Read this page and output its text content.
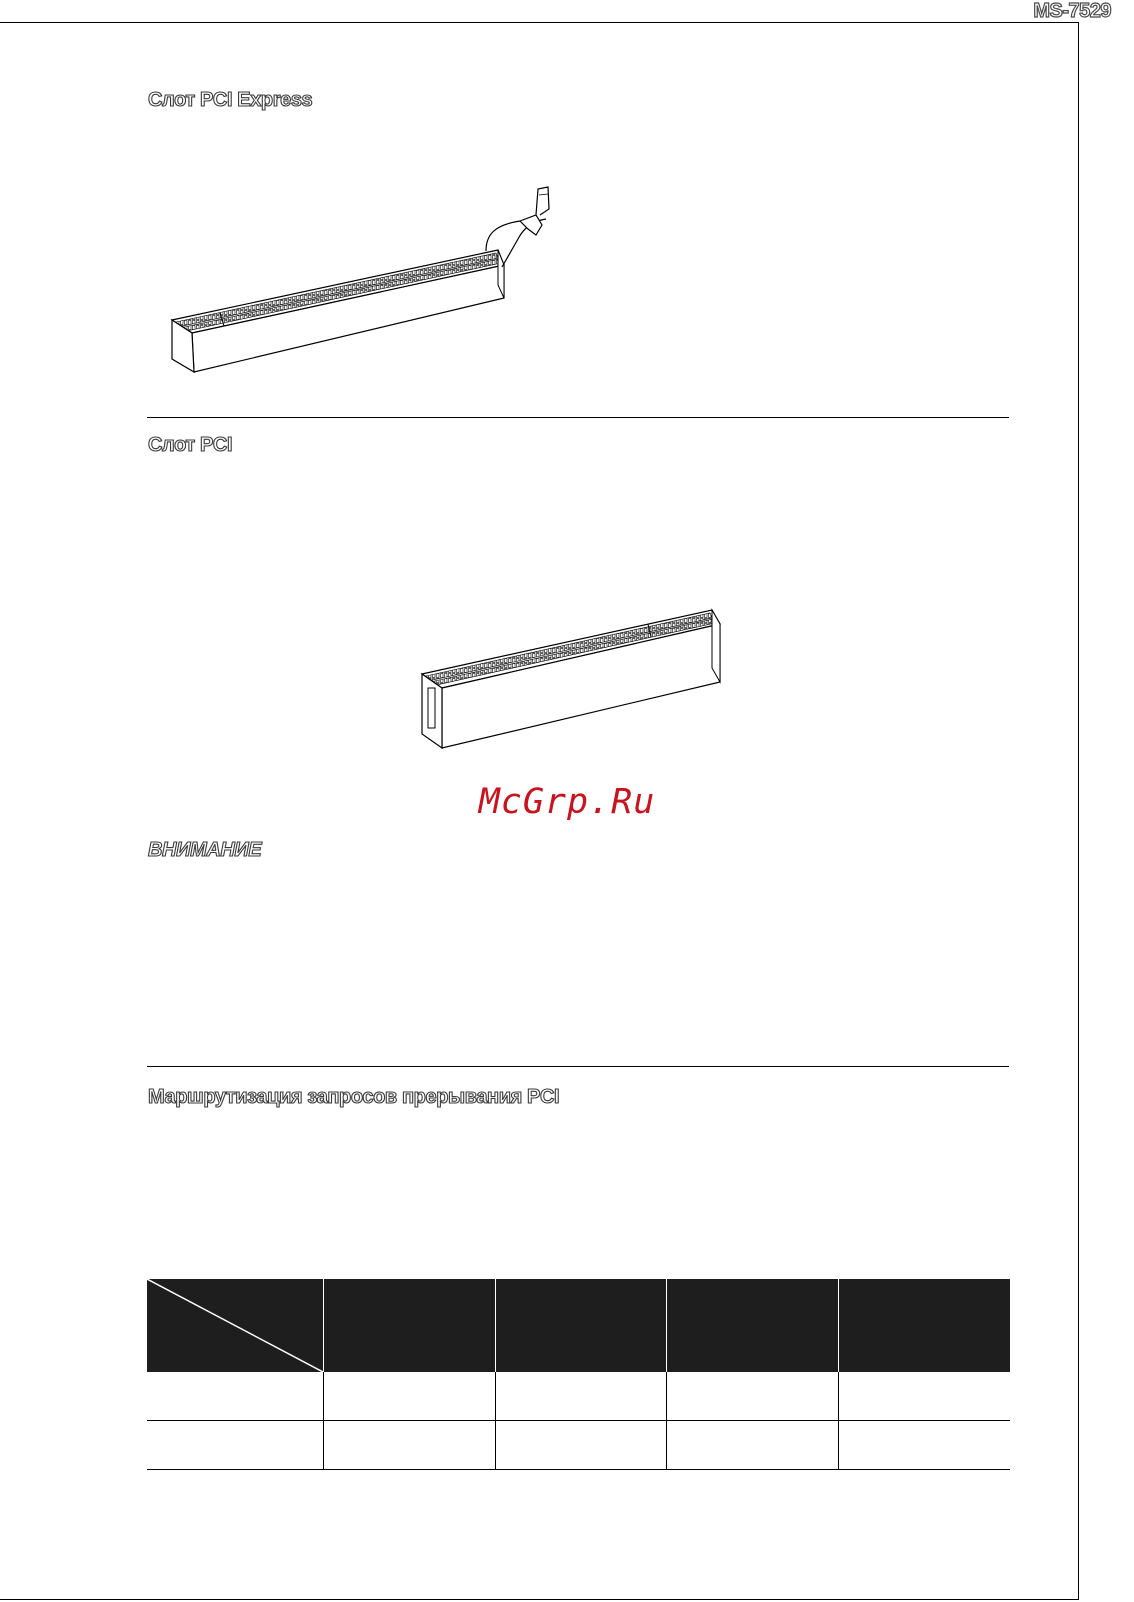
MS-7529
Слот PCI Express
Слот PCI
McGrp.Ru
ВНИМАНИЕ
Маршрутизация запросов прерывания PCI
